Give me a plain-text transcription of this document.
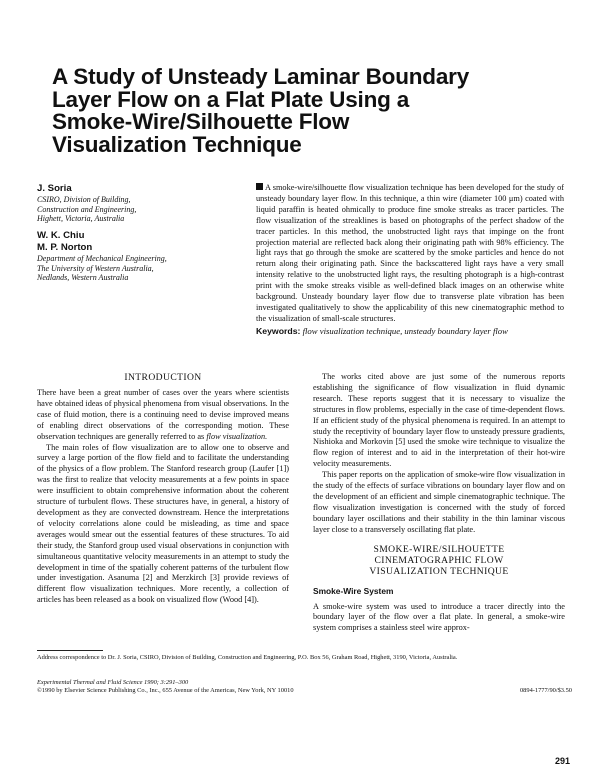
A Study of Unsteady Laminar Boundary
Layer Flow on a Flat Plate Using a
Smoke-Wire/Silhouette Flow
Visualization Technique
J. Soria
CSIRO, Division of Building,
Construction and Engineering,
Highett, Victoria, Australia
W. K. Chiu
M. P. Norton
Department of Mechanical Engineering,
The University of Western Australia,
Nedlands, Western Australia
A smoke-wire/silhouette flow visualization technique has been developed for the study of unsteady boundary layer flow. In this technique, a thin wire (diameter 100 μm) coated with liquid paraffin is heated ohmically to produce fine smoke streaks as tracer particles. The flow visualization of the streaklines is based on photographs of the perfect shadow of the tracer particles. In this method, the unobstructed light rays that impinge on the front projection material are reflected back along their originating path with 98% efficiency. The light rays that go through the smoke are scattered by the smoke particles and hence do not return along their originating path. Since the backscattered light rays have a very small intensity relative to the unobstructed light rays, the resulting photograph is a high-contrast print with the smoke streaks visible as well-defined black images on an otherwise white background. Unsteady boundary layer flow due to transverse plate vibration has been investigated qualitatively to show the applicability of this new cinematographic method to the visualization of small-scale structures.
Keywords: flow visualization technique, unsteady boundary layer flow
INTRODUCTION

There have been a great number of cases over the years where scientists have obtained ideas of physical phenomena from visual observations. In the case of fluid motion, there is a continuing need to devise improved means of enabling direct observations of the corresponding motion. These observation techniques are generally referred to as flow visualization.

The main roles of flow visualization are to allow one to observe and survey a large portion of the flow field and to facilitate the understanding of the physics of a flow problem. The Stanford research group (Laufer [1]) was the first to realize that velocity measurements at a few points in space were insufficient to obtain comprehensive information about the coherent structure of turbulent flows. These structures have, in general, a history of development as they are convected downstream. Hence the interpretations of velocity correlations alone could be misleading, as time and space averages would smear out the essential features of these structures. To aid their study, the Stanford group used visual observations in conjunction with simultaneous quantitative velocity measurements in an attempt to study the development in time of the spatially coherent patterns of the turbulent flow under investigation. Asanuma [2] and Merzkirch [3] provide reviews of different flow visualization techniques. More recently, a collection of articles has been released as a book on visualized flow (Wood [4]).

The works cited above are just some of the numerous reports establishing the significance of flow visualization in fluid dynamic research. These reports suggest that it is necessary to visualize the structures in flow problems, especially in the case of time-dependent flows. If an efficient study of the physical phenomena is required. In an attempt to study the receptivity of boundary layer flow to unsteady pressure gradients, Nishioka and Morkovin [5] used the smoke wire technique to visualize the flow region of interest and to aid in the interpretation of their hot-wire velocity measurements.

This paper reports on the application of smoke-wire flow visualization in the study of the effects of surface vibrations on boundary layer flow and on the development of an efficient and simple cinematographic technique. The flow visualization investigation is concerned with the study of forced boundary layer oscillations and their stability in the thin laminar viscous layer close to a transversely oscillating flat plate.

SMOKE-WIRE/SILHOUETTE
CINEMATOGRAPHIC FLOW
VISUALIZATION TECHNIQUE
Smoke-Wire System

A smoke-wire system was used to introduce a tracer directly into the boundary layer of the flow over a flat plate. In general, a smoke-wire system comprises a stainless steel wire approx-

Address correspondence to Dr. J. Soria, CSIRO, Division of Building, Construction and Engineering, P.O. Box 56, Graham Road, Highett, 3190, Victoria, Australia.
Experimental Thermal and Fluid Science 1990; 3:291–300
©1990 by Elsevier Science Publishing Co., Inc., 655 Avenue of the Americas, New York, NY 10010	0894-1777/90/$3.50
291
